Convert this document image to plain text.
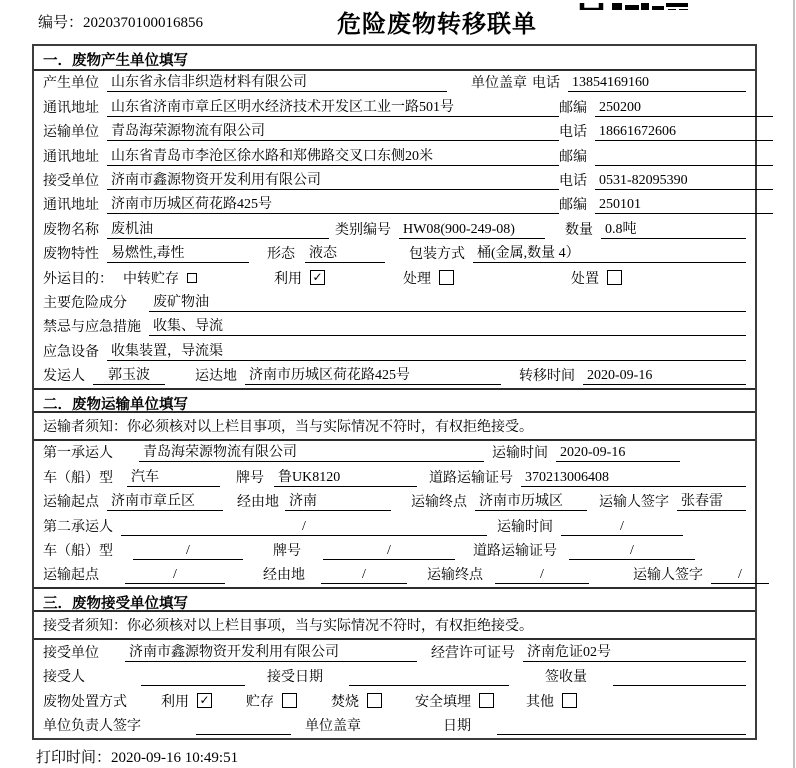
编号：2020370100016856	危险废物转移联单
一．废物产生单位填写
产生单位 山东省永信非织造材料有限公司	单位盖章 电话 13854169160
通讯地址 山东省济南市章丘区明水经济技术开发区工业一路501号	邮编 250200
运输单位 青岛海荣源物流有限公司	电话 18661672606
通讯地址 山东省青岛市李沧区徐水路和郑佛路交叉口东侧20米	邮编
接受单位 济南市鑫源物资开发利用有限公司	电话 0531-82095390
通讯地址 济南市历城区荷花路425号	邮编 250101
废物名称 废机油	类别编号 HW08(900-249-08)	数量 0.8吨
废物特性 易燃性,毒性	形态 液态	包装方式 桶(金属,数量 4）
外运目的： 中转贮存	利用 ✓	处理	处置
主要危险成分 废矿物油
禁忌与应急措施 收集、导流
应急设备 收集装置，导流渠
发运人	郭玉波	运达地 济南市历城区荷花路425号	转移时间 2020-09-16
二．废物运输单位填写
运输者须知： 你必须核对以上栏目事项，当与实际情况不符时，有权拒绝接受。
第一承运人 青岛海荣源物流有限公司	运输时间 2020-09-16
车（船）型 汽车	牌号 鲁UK8120	道路运输证号 370213006408
运输起点 济南市章丘区	经由地 济南	运输终点 济南市历城区	运输人签字 张春雷
第二承运人	/	运输时间	/
车（船）型	/	牌号	/	道路运输证号	/
运输起点	/	经由地	/	运输终点	/	运输人签字	/
三．废物接受单位填写
接受者须知： 你必须核对以上栏目事项，当与实际情况不符时，有权拒绝接受。
接受单位 济南市鑫源物资开发利用有限公司	经营许可证号 济南危证02号
接受人	接受日期	签收量
废物处置方式 利用 ✓	贮存	焚烧	安全填埋	其他
单位负责人签字	单位盖章	日期
打印时间：2020-09-16 10:49:51
